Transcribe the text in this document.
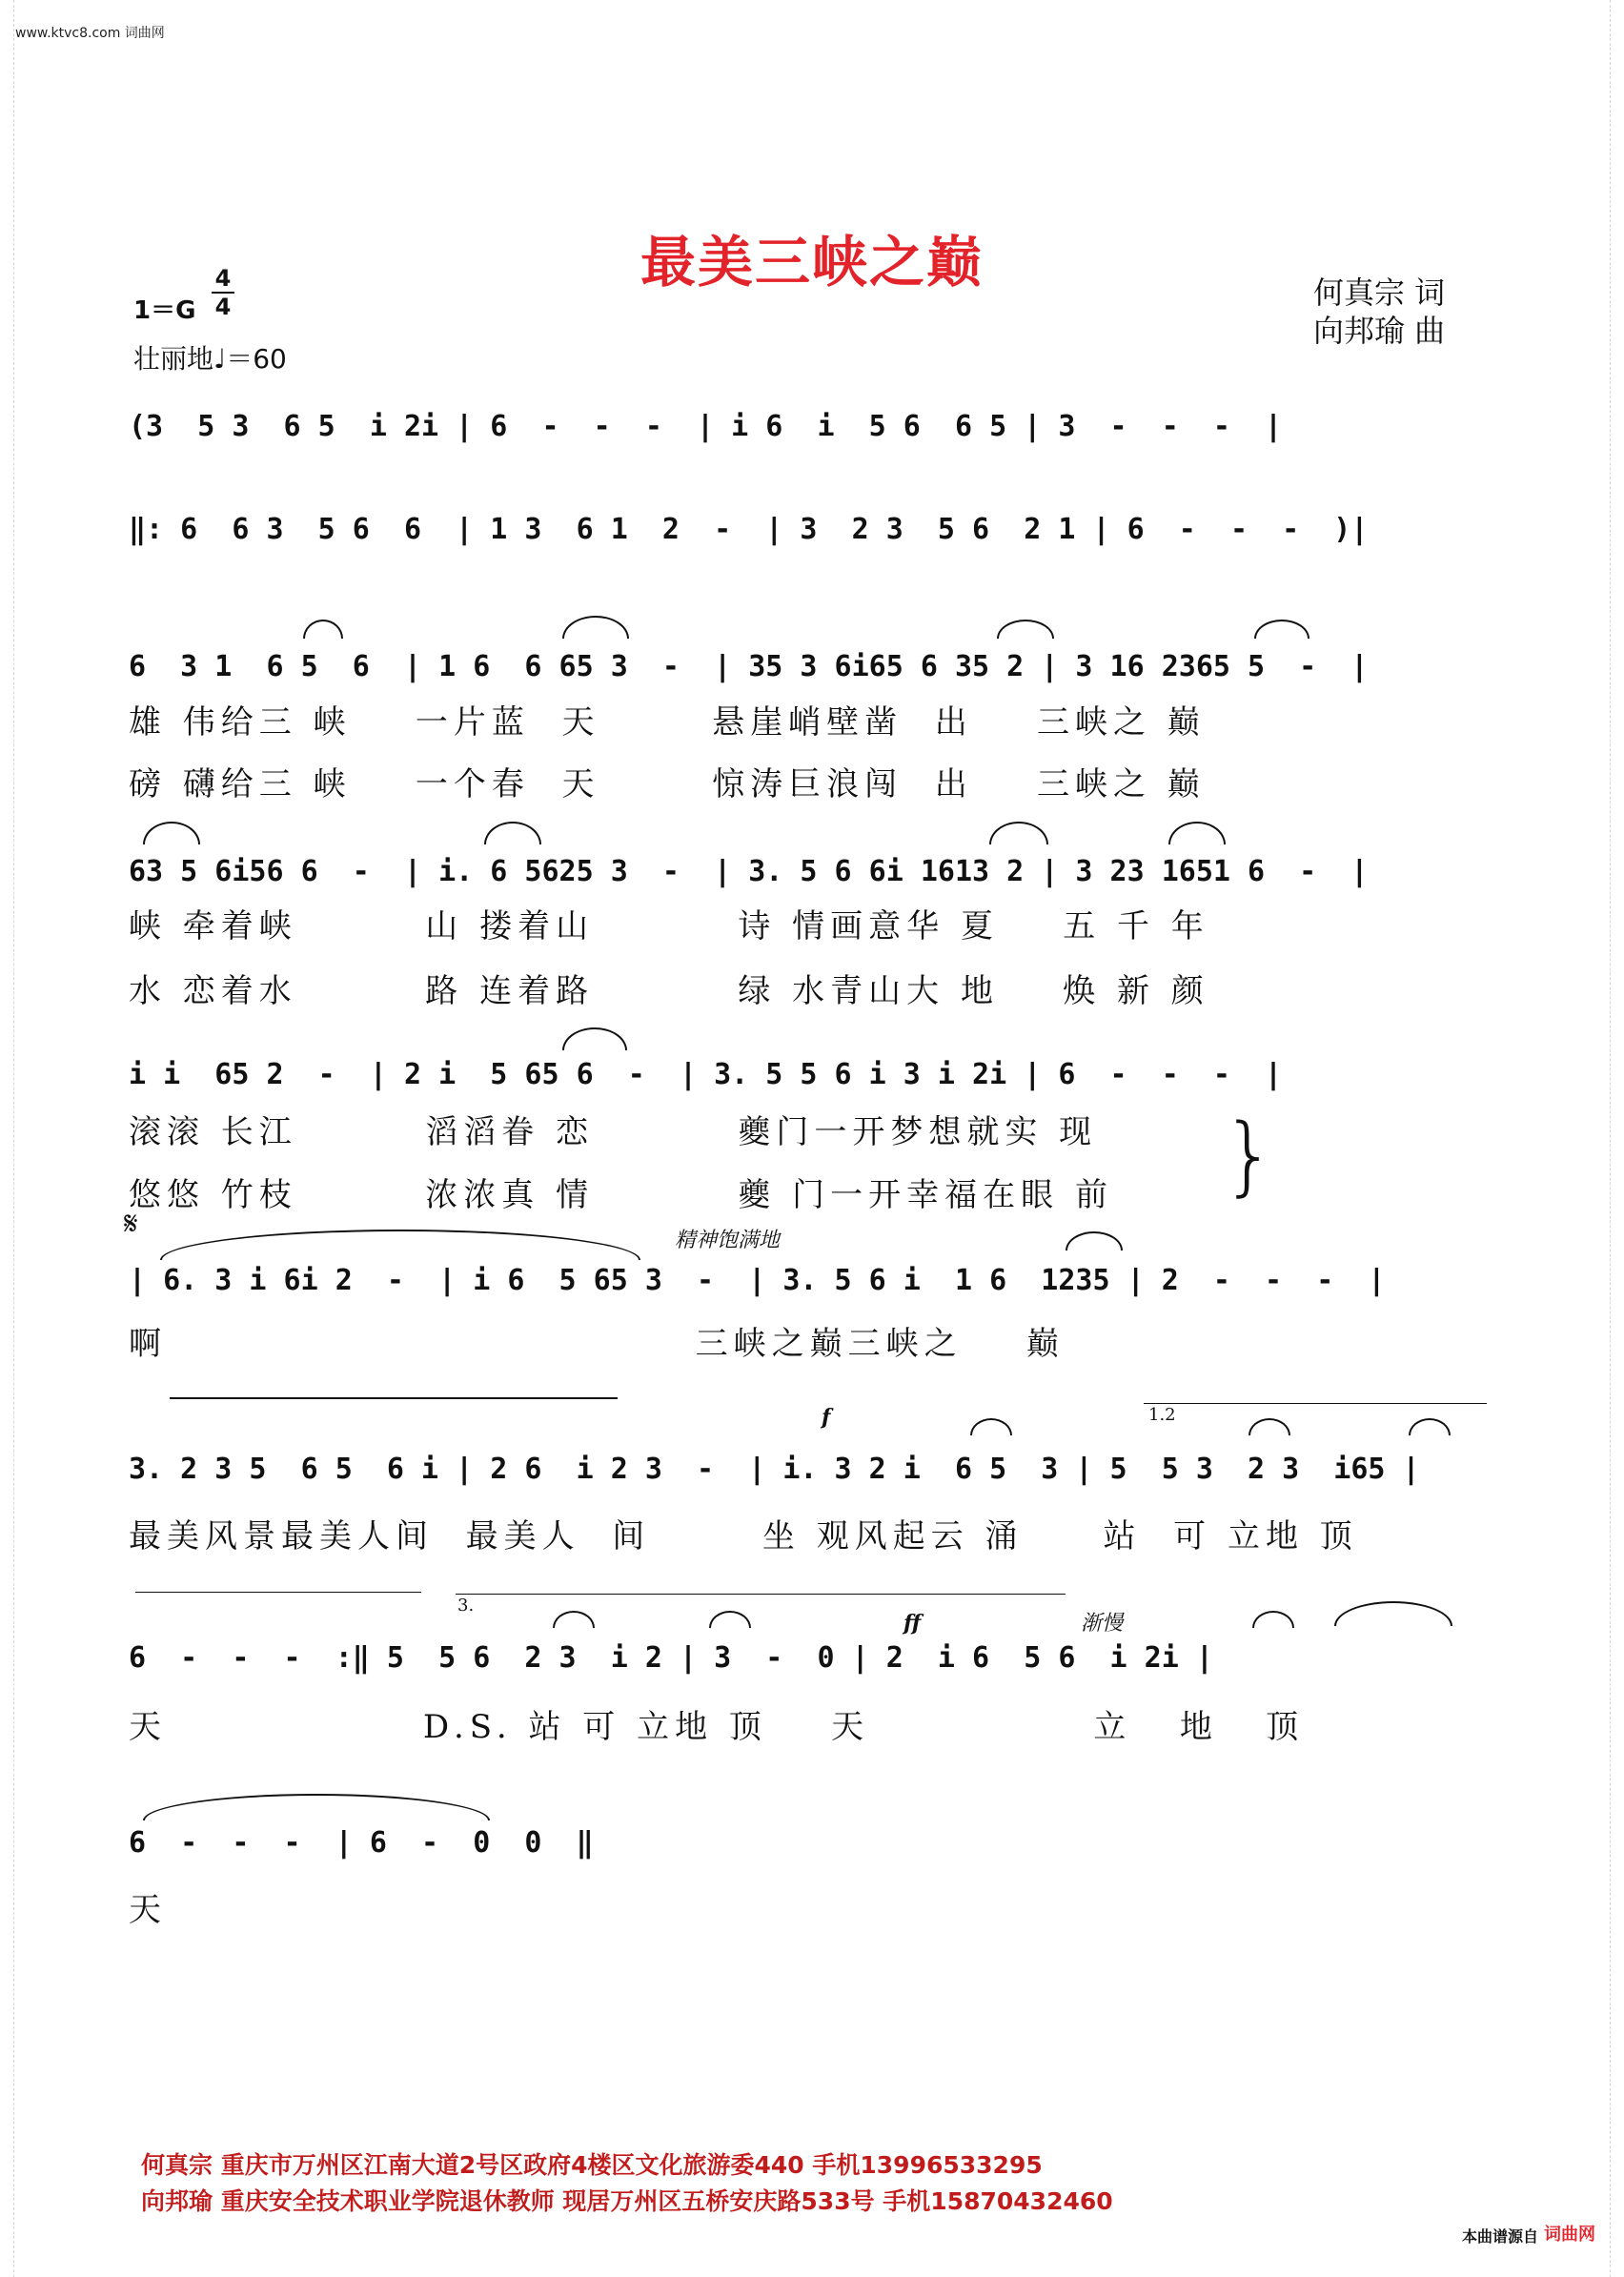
www.ktvc8.com 词曲网
最美三峡之巅	何真宗 词
向邦瑜 曲
1＝G
4
4
壮丽地♩＝60
(3  5 3  6 5  i 2i | 6  -  -  -  | i 6  i  5 6  6 5 | 3  -  -  -  |
‖: 6  6 3  5 6  6  | 1 3  6 1  2  -  | 3  2 3  5 6  2 1 | 6  -  -  -  )|
6  3 1  6 5  6  | 1 6  6 65 3  -  | 35 3 6i65 6 35 2 | 3 16 2365 5  -  |
雄 伟给三 峡    一片蓝  天       悬崖峭壁凿  出    三峡之 巅
磅 礴给三 峡    一个春  天       惊涛巨浪闯  出    三峡之 巅
63 5 6i56 6  -  | i. 6 5625 3  -  | 3. 5 6 6i 1613 2 | 3 23 1651 6  -  |
峡 牵着峡        山 搂着山         诗 情画意华 夏    五 千 年
水 恋着水        路 连着路         绿 水青山大 地    焕 新 颜
i i  65 2  -  | 2 i  5 65 6  -  | 3. 5 5 6 i 3 i 2i | 6  -  -  -  |
滚滚 长江        滔滔眷 恋         夔门一开梦想就实 现
悠悠 竹枝        浓浓真 情         夔 门一开幸福在眼 前	}
𝄋	精神饱满地
| 6. 3 i 6i 2  -  | i 6  5 65 3  -  | 3. 5 6 i  1 6  1235 | 2  -  -  -  |
啊                                 三峡之巅三峡之    巅
f	1.2
3. 2 3 5  6 5  6 i | 2 6  i 2 3  -  | i. 3 2 i  6 5  3 | 5  5 3  2 3  i65 |
最美风景最美人间  最美人  间       坐 观风起云 涌     站  可 立地 顶
3.
ff	渐慢
6  -  -  -  :‖ 5  5 6  2 3  i 2 | 3  -  0 | 2  i 6  5 6  i 2i |
天                D.S. 站 可 立地 顶    天              立   地   顶
6  -  -  -  | 6  -  0  0  ‖
天
何真宗 重庆市万州区江南大道2号区政府4楼区文化旅游委440 手机13996533295
向邦瑜 重庆安全技术职业学院退休教师 现居万州区五桥安庆路533号 手机15870432460
本曲谱源自 词曲网
